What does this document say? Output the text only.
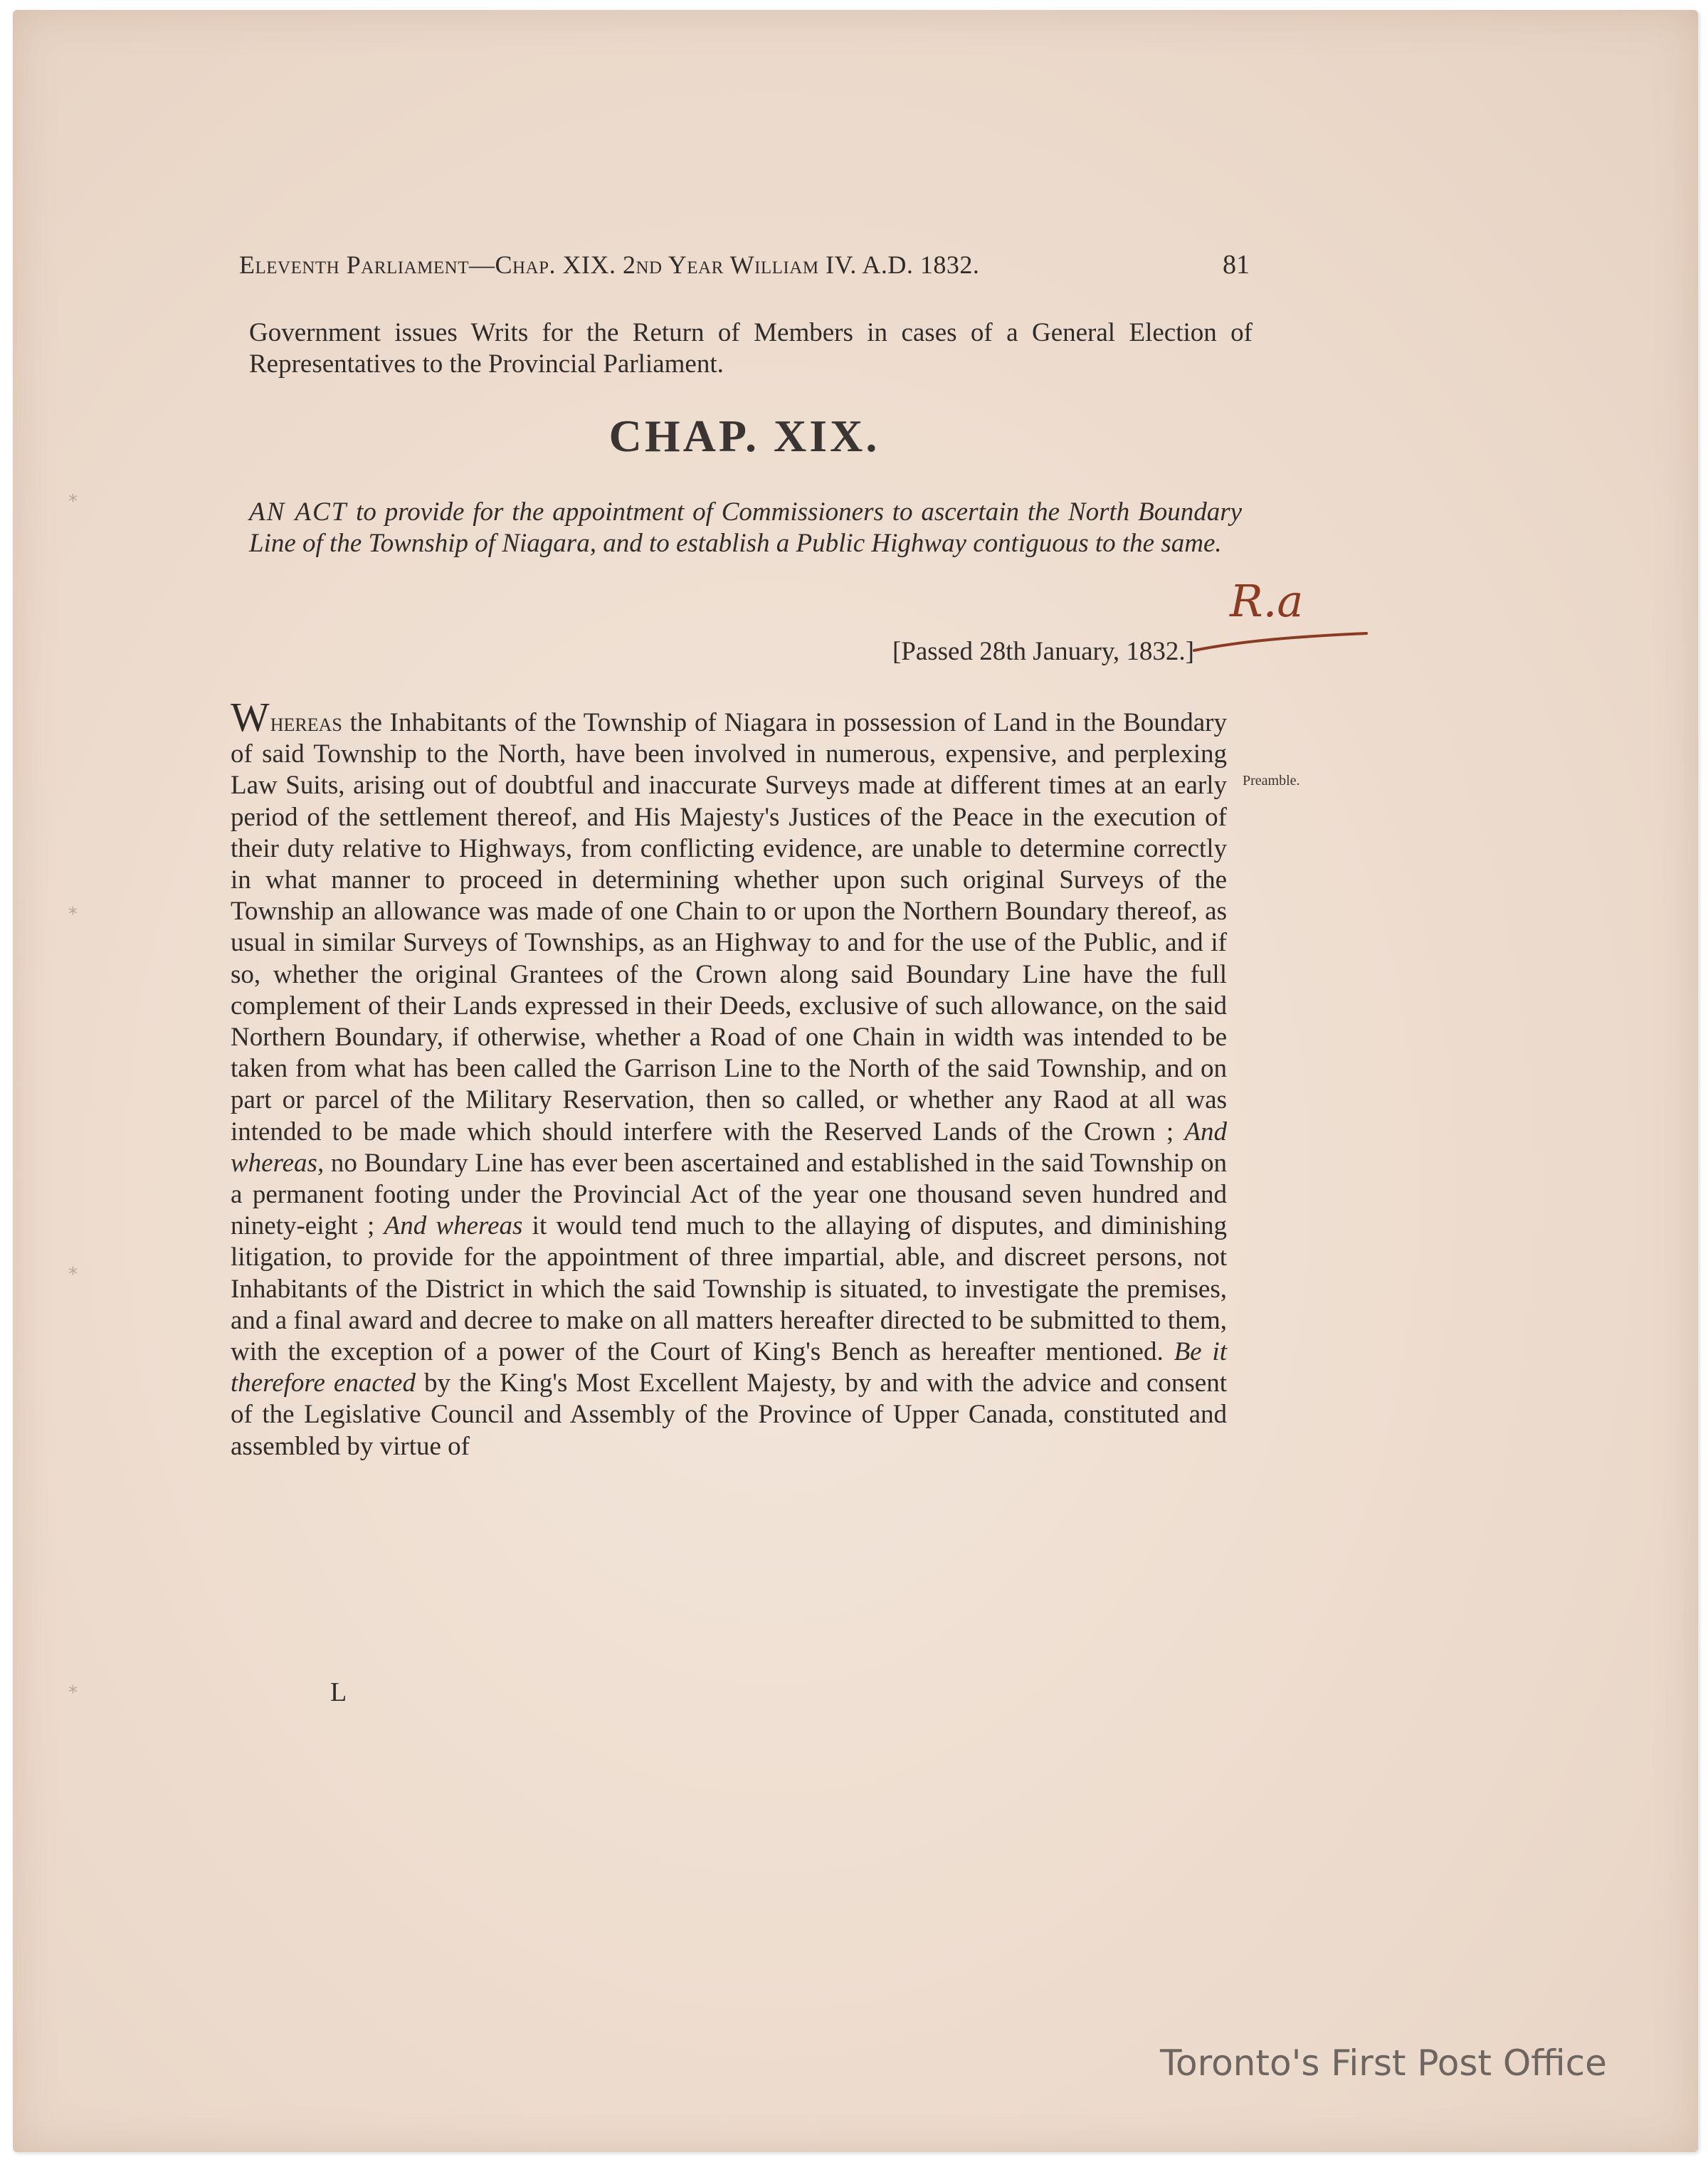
⁎
⁎
⁎
⁎
Eleventh Parliament—Chap. XIX. 2nd Year William IV. A.D. 1832.	81
Government issues Writs for the Return of Members in cases of a General Election of Representatives to the Provincial Parliament.
CHAP. XIX.
AN ACT to provide for the appointment of Commissioners to ascertain the North Boundary Line of the Township of Niagara, and to establish a Public Highway contiguous to the same.
[Passed 28th January, 1832.]
R.a
Whereas the Inhabitants of the Township of Niagara in possession of Land in the Boundary of said Township to the North, have been involved in numerous, expensive, and perplexing Law Suits, arising out of doubtful and inaccurate Surveys made at different times at an early period of the settlement thereof, and His Majesty's Justices of the Peace in the execution of their duty relative to Highways, from conflicting evidence, are unable to determine correctly in what manner to proceed in determining whether upon such original Surveys of the Township an allowance was made of one Chain to or upon the Northern Boundary thereof, as usual in similar Surveys of Townships, as an Highway to and for the use of the Public, and if so, whether the original Grantees of the Crown along said Boundary Line have the full complement of their Lands expressed in their Deeds, exclusive of such allowance, on the said Northern Boundary, if otherwise, whether a Road of one Chain in width was intended to be taken from what has been called the Garrison Line to the North of the said Township, and on part or parcel of the Military Reservation, then so called, or whether any Raod at all was intended to be made which should interfere with the Reserved Lands of the Crown ; And whereas, no Boundary Line has ever been ascertained and established in the said Township on a permanent footing under the Provincial Act of the year one thousand seven hundred and ninety-eight ; And whereas it would tend much to the allaying of disputes, and diminishing litigation, to provide for the appointment of three impartial, able, and discreet persons, not Inhabitants of the District in which the said Township is situated, to investigate the premises, and a final award and decree to make on all matters hereafter directed to be submitted to them, with the exception of a power of the Court of King's Bench as hereafter mentioned. Be it therefore enacted by the King's Most Excellent Majesty, by and with the advice and consent of the Legislative Council and Assembly of the Province of Upper Canada, constituted and assembled by virtue of
Preamble.
L
Toronto's First Post Office
